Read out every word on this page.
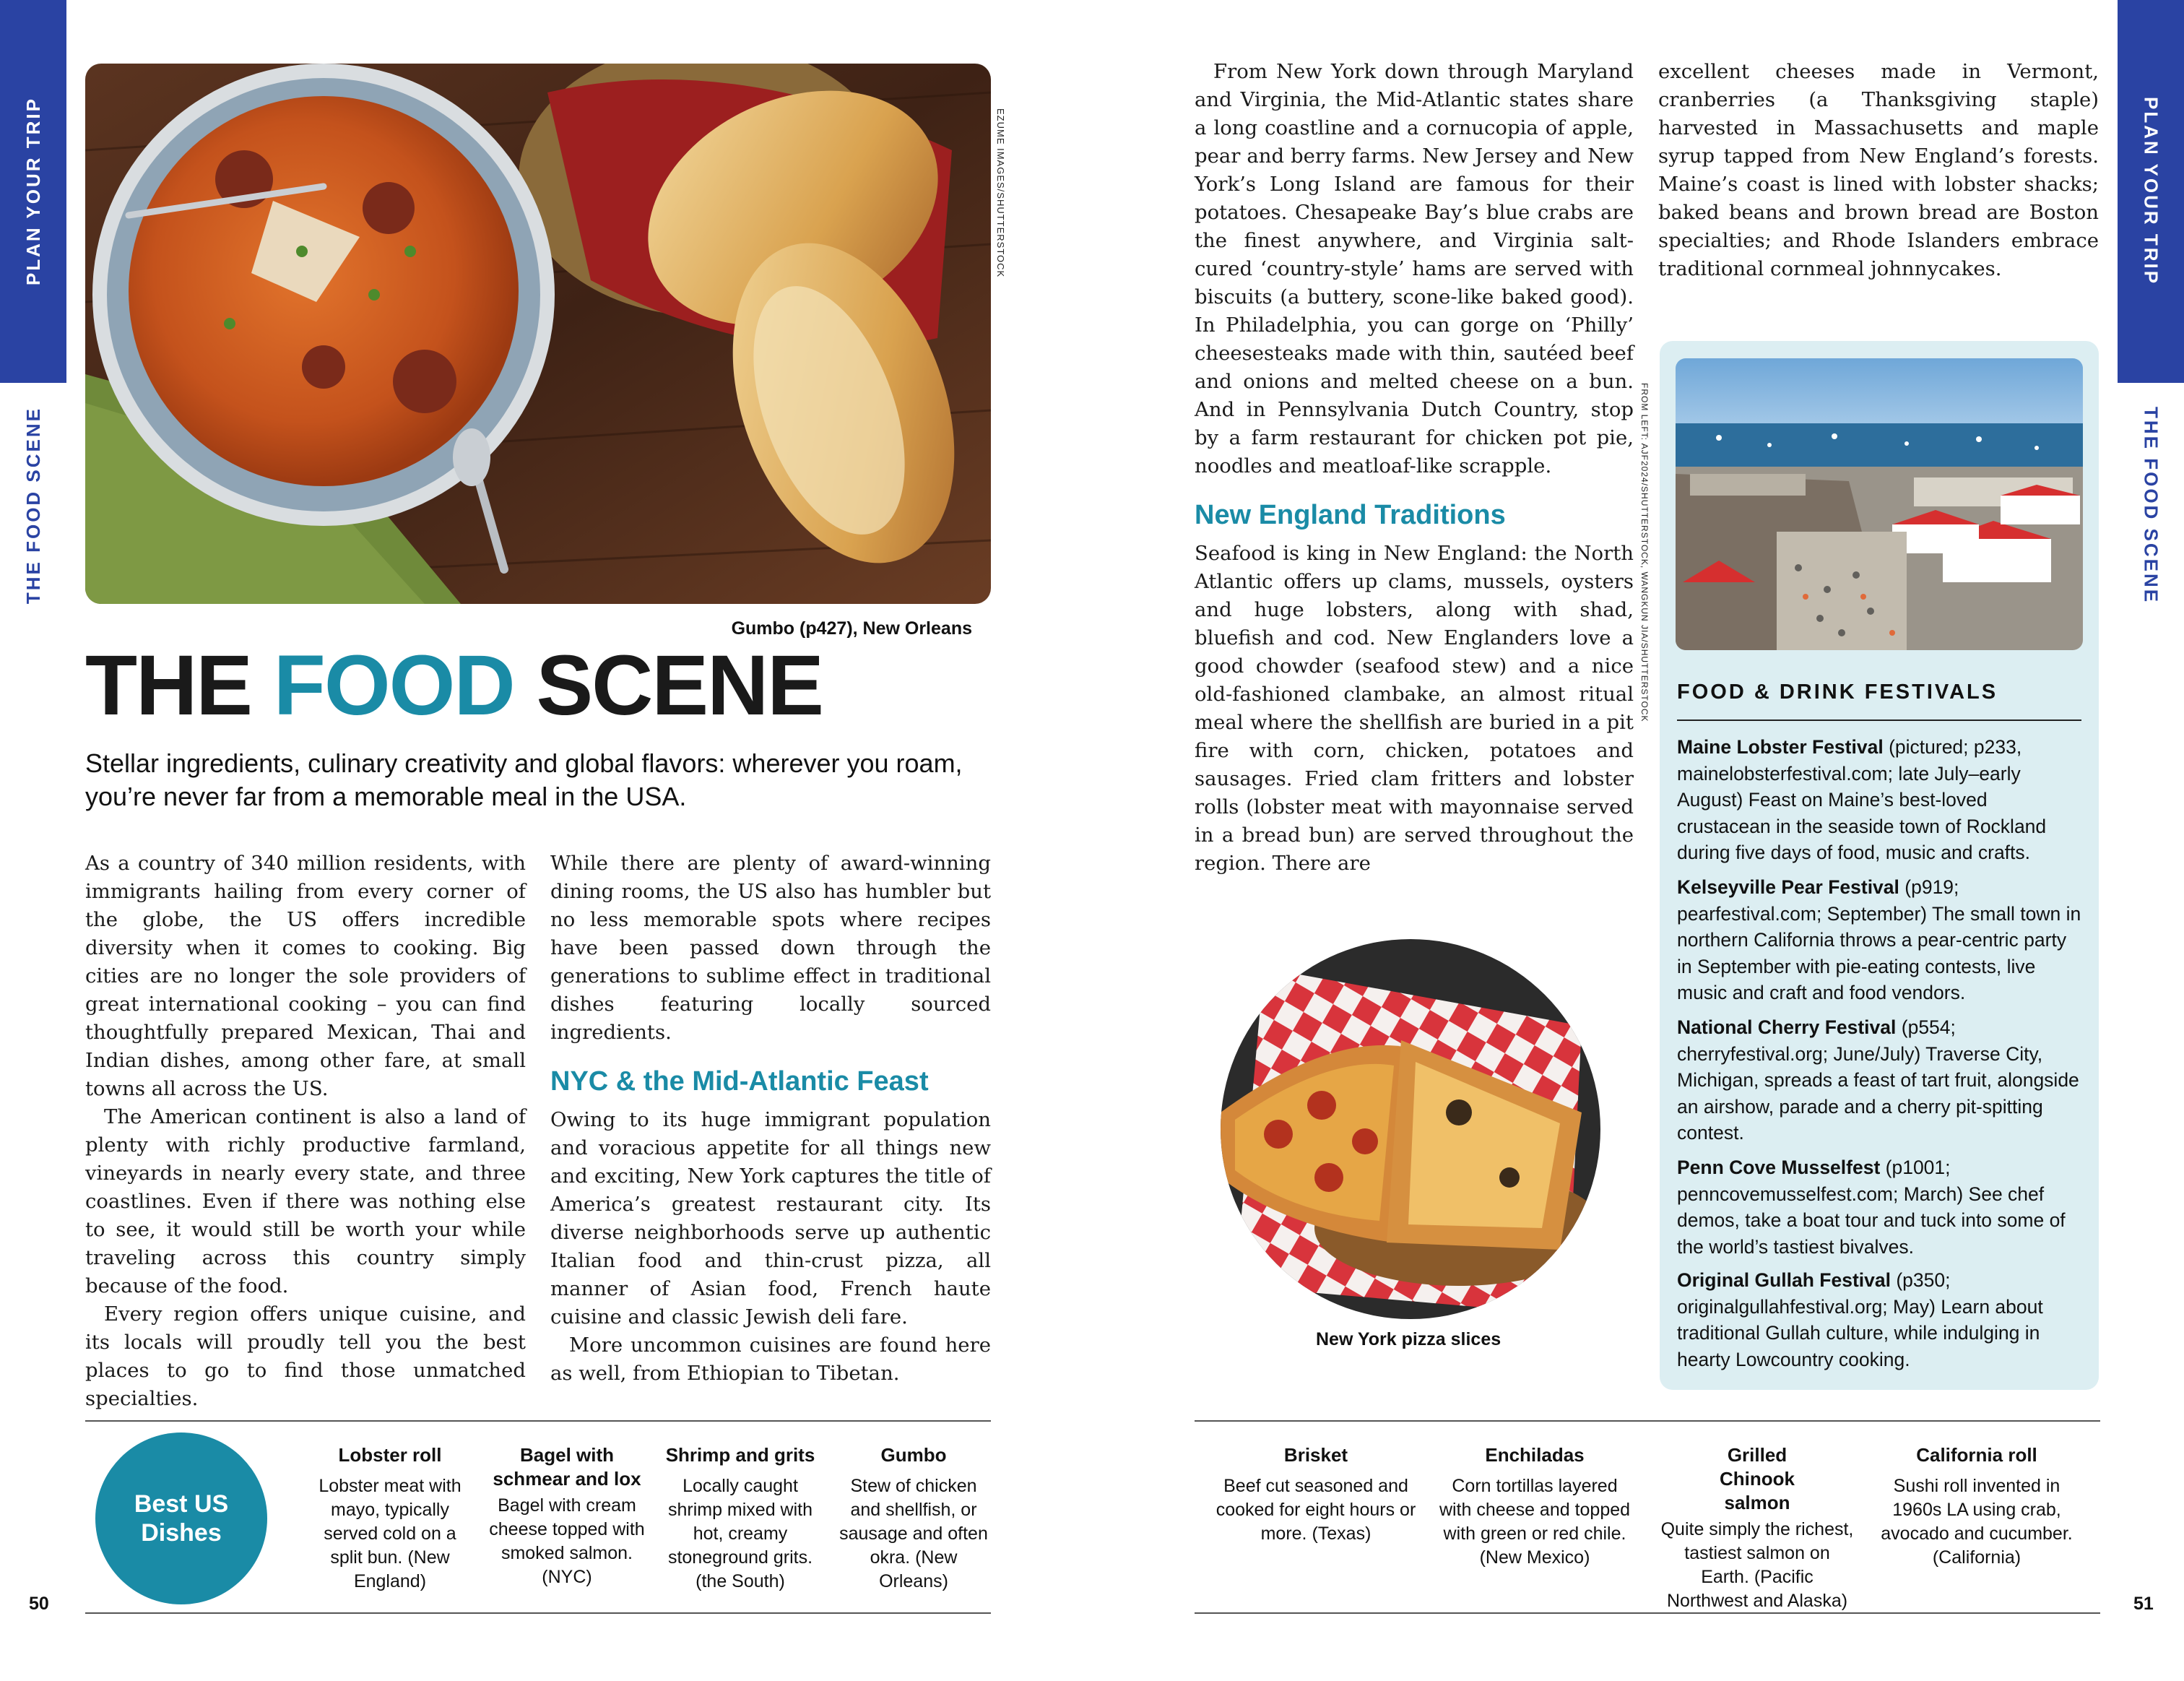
PLAN YOUR TRIP
THE FOOD SCENE
PLAN YOUR TRIP
THE FOOD SCENE
EZUME IMAGES/SHUTTERSTOCK
Gumbo (p427), New Orleans
THE FOOD SCENE
Stellar ingredients, culinary creativity and global flavors: wherever you roam, you’re never far from a memorable meal in the USA.

As a country of 340 million residents, with immigrants hailing from every corner of the globe, the US offers incredible diversity when it comes to cooking. Big cities are no longer the sole providers of great international cooking – you can find thoughtfully prepared Mexican, Thai and Indian dishes, among other fare, at small towns all across the US.

The American continent is also a land of plenty with richly productive farmland, vineyards in nearly every state, and three coastlines. Even if there was nothing else to see, it would still be worth your while traveling across this country simply because of the food.

Every region offers unique cuisine, and its locals will proudly tell you the best places to go to find those unmatched specialties.

While there are plenty of award-winning dining rooms, the US also has humbler but no less memorable spots where recipes have been passed down through the generations to sublime effect in traditional dishes featuring locally sourced ingredients.

NYC & the Mid-Atlantic Feast

Owing to its huge immigrant population and voracious appetite for all things new and exciting, New York captures the title of America’s greatest restaurant city. Its diverse neighborhoods serve up authentic Italian food and thin-crust pizza, all manner of Asian food, French haute cuisine and classic Jewish deli fare.

More uncommon cuisines are found here as well, from Ethiopian to Tibetan.

From New York down through Maryland and Virginia, the Mid-Atlantic states share a long coastline and a cornucopia of apple, pear and berry farms. New Jersey and New York’s Long Island are famous for their potatoes. Chesapeake Bay’s blue crabs are the finest anywhere, and Virginia salt-cured ‘country-style’ hams are served with biscuits (a buttery, scone-like baked good). In Philadelphia, you can gorge on ‘Philly’ cheesesteaks made with thin, sautéed beef and onions and melted cheese on a bun. And in Pennsylvania Dutch Country, stop by a farm restaurant for chicken pot pie, noodles and meatloaf-like scrapple.

New England Traditions

Seafood is king in New England: the North Atlantic offers up clams, mussels, oysters and huge lobsters, along with shad, bluefish and cod. New Englanders love a good chowder (seafood stew) and a nice old-fashioned clambake, an almost ritual meal where the shellfish are buried in a pit fire with corn, chicken, potatoes and sausages. Fried clam fritters and lobster rolls (lobster meat with mayonnaise served in a bread bun) are served throughout the region. There are

excellent cheeses made in Vermont, cranberries (a Thanksgiving staple) harvested in Massachusetts and maple syrup tapped from New England’s forests. Maine’s coast is lined with lobster shacks; baked beans and brown bread are Boston specialties; and Rhode Islanders embrace traditional cornmeal johnnycakes.

FROM LEFT: AJF2024/SHUTTERSTOCK, WANGKUN JIA/SHUTTERSTOCK
New York pizza slices
FOOD & DRINK FESTIVALS
Maine Lobster Festival (pictured; p233, mainelobsterfestival.com; late July–early August) Feast on Maine’s best-loved crustacean in the seaside town of Rockland during five days of food, music and crafts.
Kelseyville Pear Festival (p919; pearfestival.com; September) The small town in northern California throws a pear-centric party in September with pie-eating contests, live music and craft and food vendors.
National Cherry Festival (p554; cherryfestival.org; June/July) Traverse City, Michigan, spreads a feast of tart fruit, alongside an airshow, parade and a cherry pit-spitting contest.
Penn Cove Musselfest (p1001; penncovemusselfest.com; March) See chef demos, take a boat tour and tuck into some of the world’s tastiest bivalves.
Original Gullah Festival (p350; originalgullahfestival.org; May) Learn about traditional Gullah culture, while indulging in hearty Lowcountry cooking.
Best US Dishes
Lobster roll
Lobster meat with mayo, typically served cold on a split bun. (New England)
Bagel with schmear and lox
Bagel with cream cheese topped with smoked salmon. (NYC)
Shrimp and grits
Locally caught shrimp mixed with hot, creamy stoneground grits. (the South)
Gumbo
Stew of chicken and shellfish, or sausage and often okra. (New Orleans)
Brisket
Beef cut seasoned and cooked for eight hours or more. (Texas)
Enchiladas
Corn tortillas layered with cheese and topped with green or red chile. (New Mexico)
Grilled Chinook salmon
Quite simply the richest, tastiest salmon on Earth. (Pacific Northwest and Alaska)
California roll
Sushi roll invented in 1960s LA using crab, avocado and cucumber. (California)
50	51
